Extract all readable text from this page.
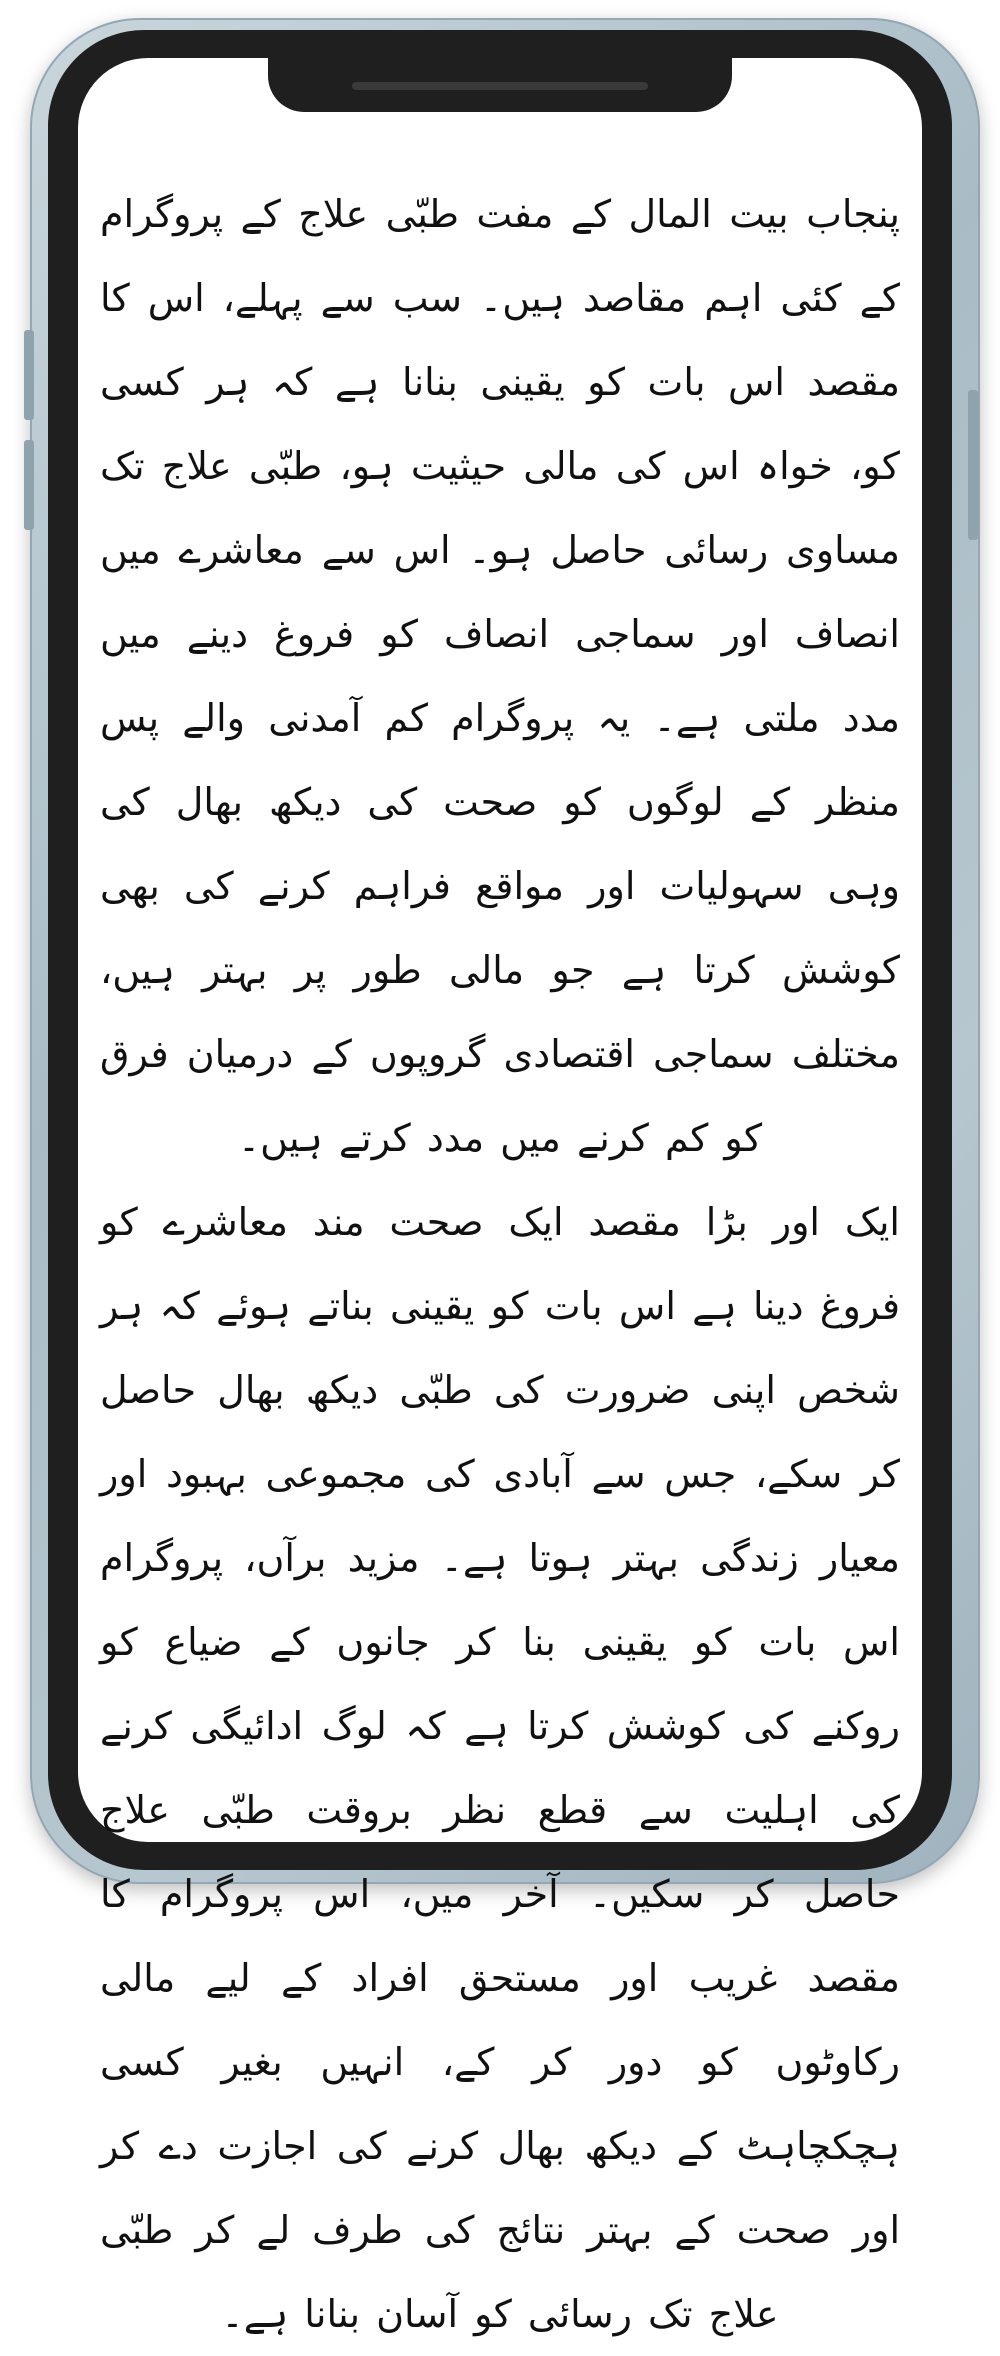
پنجاب بیت المال کے مفت طبّی علاج کے پروگرام کے کئی اہم مقاصد ہیں۔ سب سے پہلے، اس کا مقصد اس بات کو یقینی بنانا ہے کہ ہر کسی کو، خواہ اس کی مالی حیثیت ہو، طبّی علاج تک مساوی رسائی حاصل ہو۔ اس سے معاشرے میں انصاف اور سماجی انصاف کو فروغ دینے میں مدد ملتی ہے۔ یہ پروگرام کم آمدنی والے پس منظر کے لوگوں کو صحت کی دیکھ بھال کی وہی سہولیات اور مواقع فراہم کرنے کی بھی کوشش کرتا ہے جو مالی طور پر بہتر ہیں، مختلف سماجی اقتصادی گروپوں کے درمیان فرق کو کم کرنے میں مدد کرتے ہیں۔

ایک اور بڑا مقصد ایک صحت مند معاشرے کو فروغ دینا ہے اس بات کو یقینی بناتے ہوئے کہ ہر شخص اپنی ضرورت کی طبّی دیکھ بھال حاصل کر سکے، جس سے آبادی کی مجموعی بہبود اور معیار زندگی بہتر ہوتا ہے۔ مزید برآں، پروگرام اس بات کو یقینی بنا کر جانوں کے ضیاع کو روکنے کی کوشش کرتا ہے کہ لوگ ادائیگی کرنے کی اہلیت سے قطع نظر بروقت طبّی علاج حاصل کر سکیں۔ آخر میں، اس پروگرام کا مقصد غریب اور مستحق افراد کے لیے مالی رکاوٹوں کو دور کر کے، انہیں بغیر کسی ہچکچاہٹ کے دیکھ بھال کرنے کی اجازت دے کر اور صحت کے بہتر نتائج کی طرف لے کر طبّی علاج تک رسائی کو آسان بنانا ہے۔
